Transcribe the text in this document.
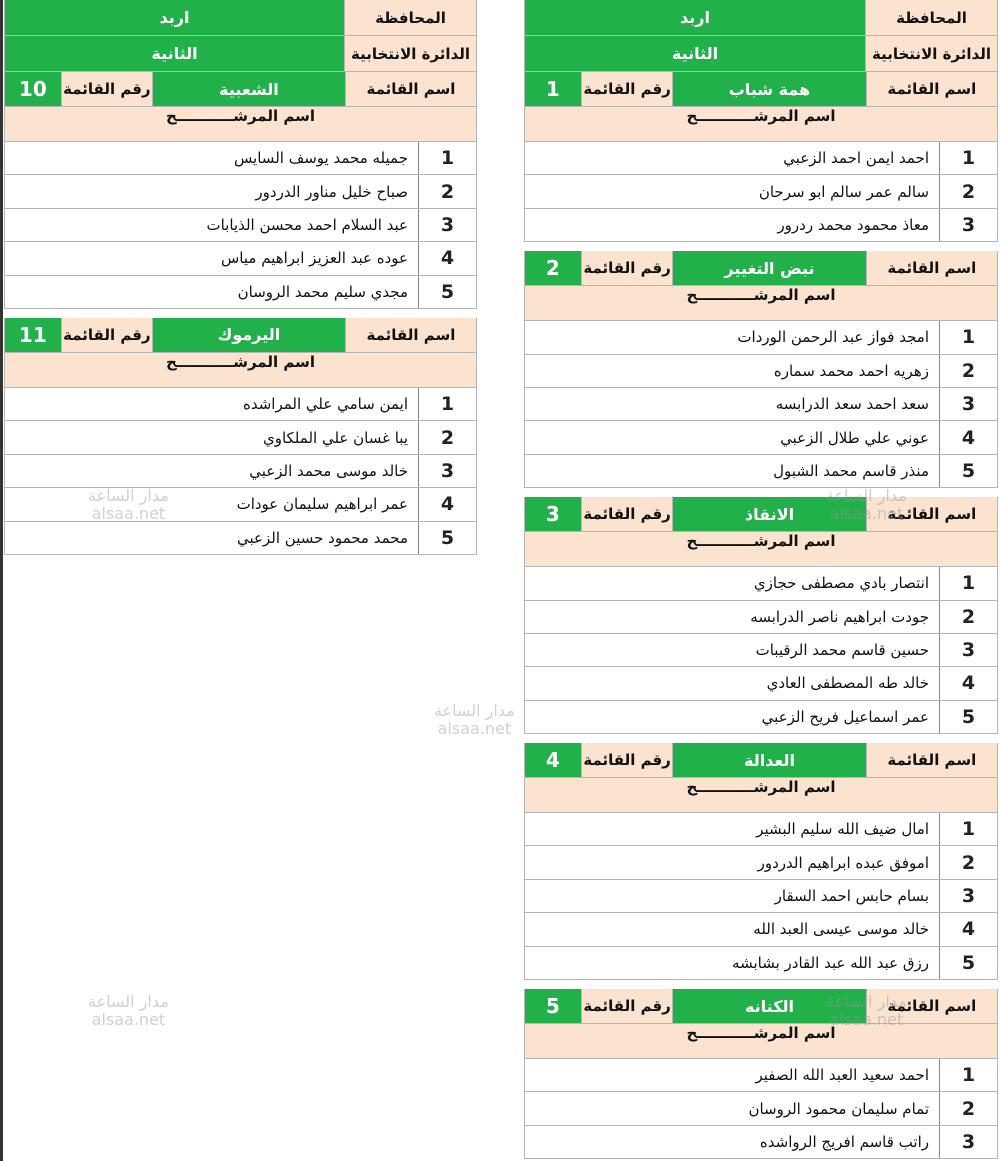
المحافظة
اربد
الدائرة الانتخابية
الثانية
اسم القائمة
همة شباب
رقم القائمة
1
اسم المرشـــــــــــح
1
احمد ايمن احمد الزعبي
2
سالم عمر سالم ابو سرحان
3
معاذ محمود محمد ردرور
اسم القائمة
نبض التغيير
رقم القائمة
2
اسم المرشـــــــــــح
1
امجد فواز عبد الرحمن الوردات
2
زهريه احمد محمد سماره
3
سعد احمد سعد الدرابسه
4
عوني علي طلال الزعبي
5
منذر قاسم محمد الشبول
اسم القائمة
الانقاذ
رقم القائمة
3
اسم المرشـــــــــــح
1
انتصار بادي مصطفى حجازي
2
جودت ابراهيم ناصر الدرابسه
3
حسين قاسم محمد الرقيبات
4
خالد طه المصطفى العادي
5
عمر اسماعيل فريح الزعبي
اسم القائمة
العدالة
رقم القائمة
4
اسم المرشـــــــــــح
1
امال ضيف الله سليم البشير
2
اموفق عبده ابراهيم الدردور
3
بسام حابس احمد السقار
4
خالد موسى عيسى العبد الله
5
رزق عبد الله عبد القادر بشابشه
اسم القائمة
الكنانه
رقم القائمة
5
اسم المرشـــــــــــح
1
احمد سعيد العبد الله الصفير
2
تمام سليمان محمود الروسان
3
راتب قاسم افريج الرواشده
المحافظة
اربد
الدائرة الانتخابية
الثانية
اسم القائمة
الشعبية
رقم القائمة
10
اسم المرشـــــــــــح
1
جميله محمد يوسف السايس
2
صباح خليل مناور الدردور
3
عبد السلام احمد محسن الذيابات
4
عوده عبد العزيز ابراهيم مياس
5
مجدي سليم محمد الروسان
اسم القائمة
اليرموك
رقم القائمة
11
اسم المرشـــــــــــح
1
ايمن سامي علي المراشده
2
يبا غسان علي الملكاوي
3
خالد موسى محمد الزعبي
4
عمر ابراهيم سليمان عودات
5
محمد محمود حسين الزعبي
مدار الساعة
alsaa.net
مدار الساعة
alsaa.net
مدار الساعة
alsaa.net
مدار الساعة
alsaa.net
مدار الساعة
alsaa.net
